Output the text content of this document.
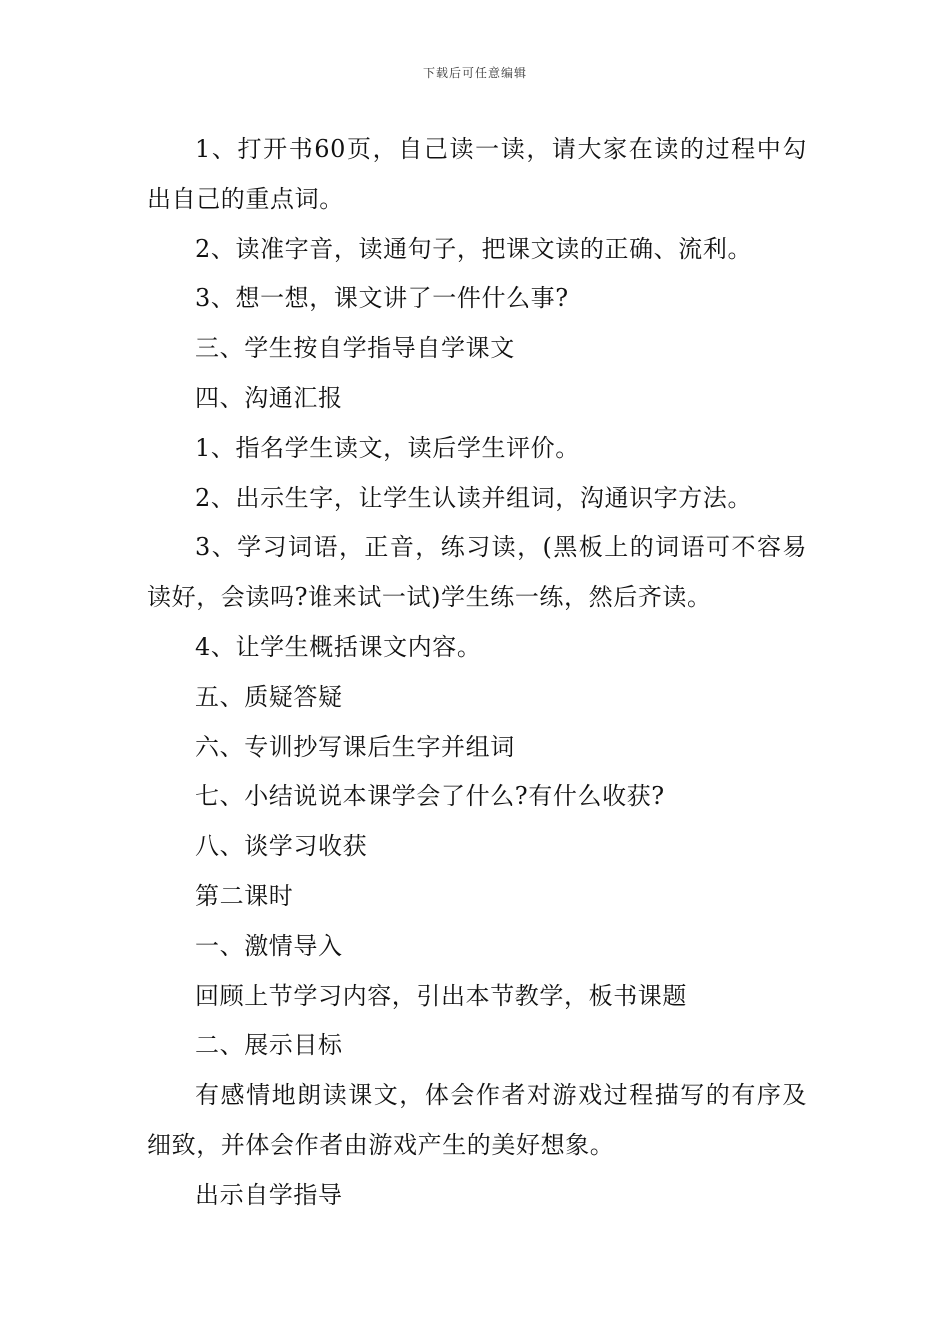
下载后可任意编辑

1、打开书60页，自己读一读，请大家在读的过程中勾出自己的重点词。

2、读准字音，读通句子，把课文读的正确、流利。

3、想一想，课文讲了一件什么事?

三、学生按自学指导自学课文

四、沟通汇报

1、指名学生读文，读后学生评价。

2、出示生字，让学生认读并组词，沟通识字方法。

3、学习词语，正音，练习读，(黑板上的词语可不容易读好，会读吗?谁来试一试)学生练一练，然后齐读。

4、让学生概括课文内容。

五、质疑答疑

六、专训抄写课后生字并组词

七、小结说说本课学会了什么?有什么收获?

八、谈学习收获

第二课时

一、激情导入

回顾上节学习内容，引出本节教学，板书课题

二、展示目标

有感情地朗读课文，体会作者对游戏过程描写的有序及细致，并体会作者由游戏产生的美好想象。

出示自学指导
